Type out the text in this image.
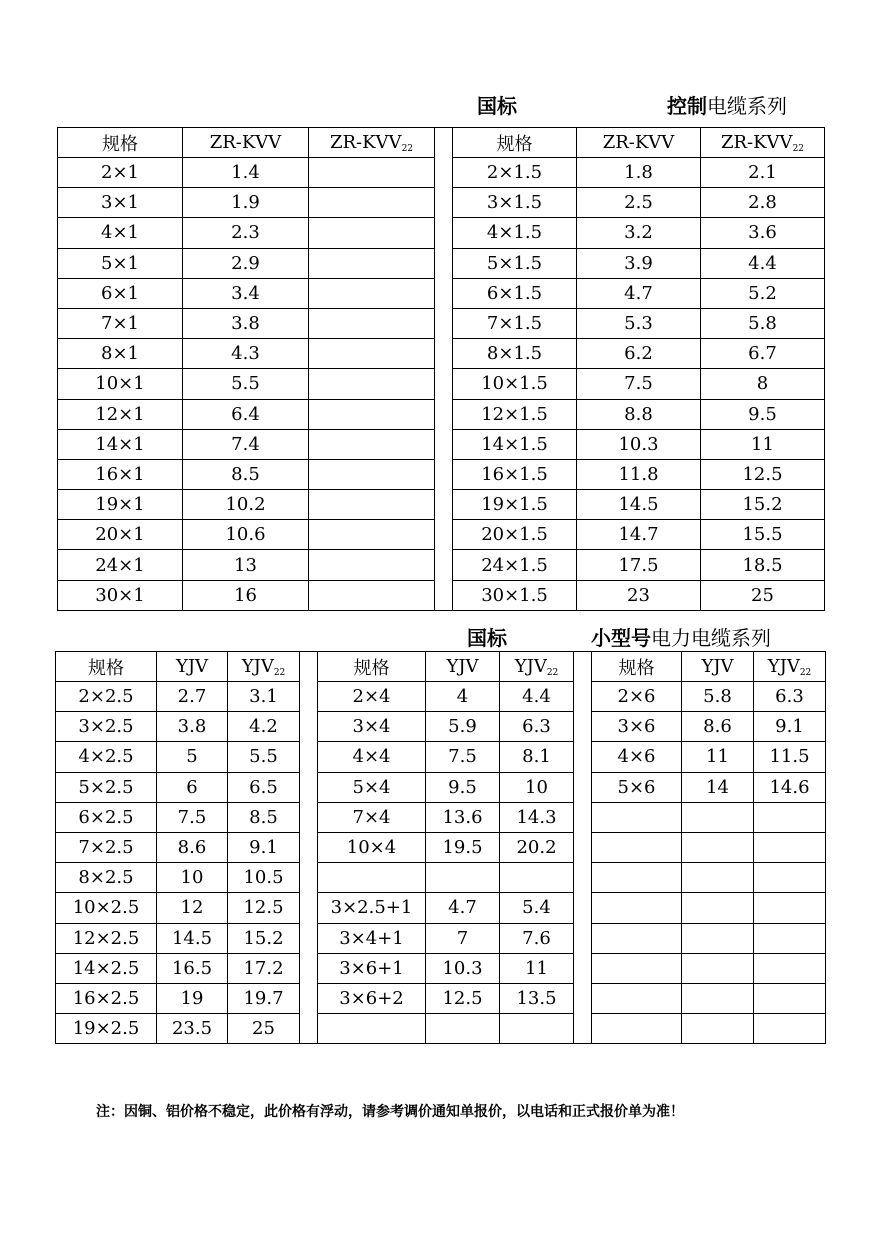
国标	控制电缆系列
规格	ZR-KVV	$ZR-KVV_{22}$		规格	ZR-KVV	$ZR-KVV_{22}$
2×1	1.4			2×1.5	1.8	2.1
3×1	1.9			3×1.5	2.5	2.8
4×1	2.3			4×1.5	3.2	3.6
5×1	2.9			5×1.5	3.9	4.4
6×1	3.4			6×1.5	4.7	5.2
7×1	3.8			7×1.5	5.3	5.8
8×1	4.3			8×1.5	6.2	6.7
10×1	5.5			10×1.5	7.5	8
12×1	6.4			12×1.5	8.8	9.5
14×1	7.4			14×1.5	10.3	11
16×1	8.5			16×1.5	11.8	12.5
19×1	10.2			19×1.5	14.5	15.2
20×1	10.6			20×1.5	14.7	15.5
24×1	13			24×1.5	17.5	18.5
30×1	16			30×1.5	23	25
国标	小型号电力电缆系列
规格	YJV	$YJV_{22}$		规格	YJV	$YJV_{22}$		规格	YJV	$YJV_{22}$
2×2.5	2.7	3.1		2×4	4	4.4		2×6	5.8	6.3
3×2.5	3.8	4.2		3×4	5.9	6.3		3×6	8.6	9.1
4×2.5	5	5.5		4×4	7.5	8.1		4×6	11	11.5
5×2.5	6	6.5		5×4	9.5	10		5×6	14	14.6
6×2.5	7.5	8.5		7×4	13.6	14.3				
7×2.5	8.6	9.1		10×4	19.5	20.2				
8×2.5	10	10.5								
10×2.5	12	12.5		3×2.5+1	4.7	5.4				
12×2.5	14.5	15.2		3×4+1	7	7.6				
14×2.5	16.5	17.2		3×6+1	10.3	11				
16×2.5	19	19.7		3×6+2	12.5	13.5				
19×2.5	23.5	25								
注：因铜、铝价格不稳定，此价格有浮动，请参考调价通知单报价，以电话和正式报价单为准！
